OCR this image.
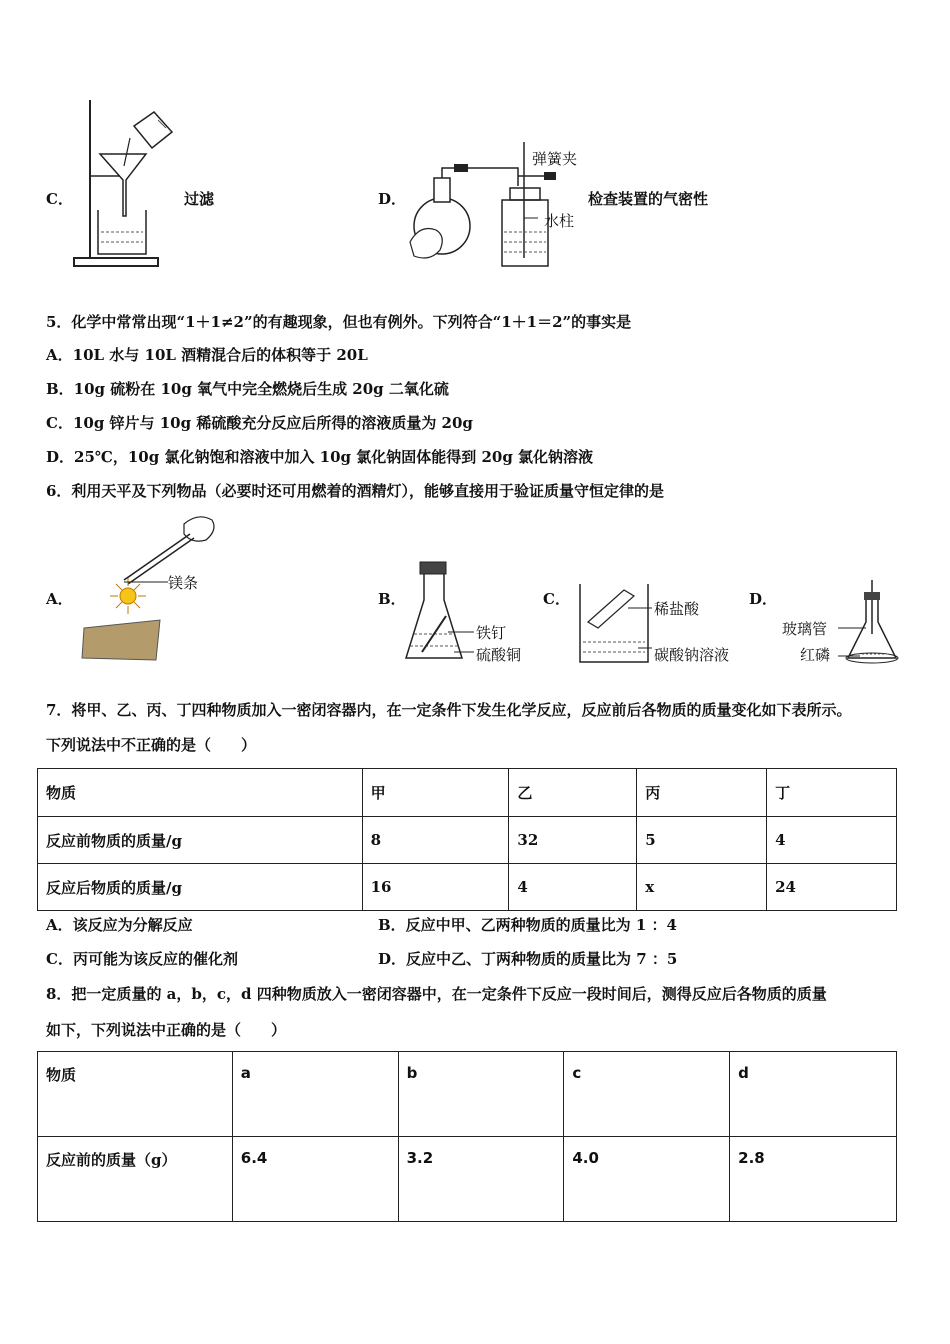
C．	过滤	D．	检查装置的气密性
弹簧夹
水柱
5．化学中常常出现“1＋1≠2”的有趣现象，但也有例外。下列符合“1＋1＝2”的事实是
A．10L 水与 10L 酒精混合后的体积等于 20L
B．10g 硫粉在 10g 氧气中完全燃烧后生成 20g 二氧化硫
C．10g 锌片与 10g 稀硫酸充分反应后所得的溶液质量为 20g
D．25℃，10g 氯化钠饱和溶液中加入 10g 氯化钠固体能得到 20g 氯化钠溶液
6．利用天平及下列物品（必要时还可用燃着的酒精灯），能够直接用于验证质量守恒定律的是
A．
镁条
B．
铁钉
硫酸铜
C．
稀盐酸
碳酸钠溶液
D．
玻璃管
红磷
7．将甲、乙、丙、丁四种物质加入一密闭容器内，在一定条件下发生化学反应，反应前后各物质的质量变化如下表所示。
下列说法中不正确的是（　　）
物质	甲	乙	丙	丁
反应前物质的质量/g	8	32	5	4
反应后物质的质量/g	16	4	x	24
A．该反应为分解反应	B．反应中甲、乙两种物质的质量比为 1 ：4
C．丙可能为该反应的催化剂	D．反应中乙、丁两种物质的质量比为 7 ：5
8．把一定质量的 a，b，c，d 四种物质放入一密闭容器中，在一定条件下反应一段时间后，测得反应后各物质的质量
如下，下列说法中正确的是（　　）
物质	a	b	c	d
反应前的质量（g）	6.4	3.2	4.0	2.8
